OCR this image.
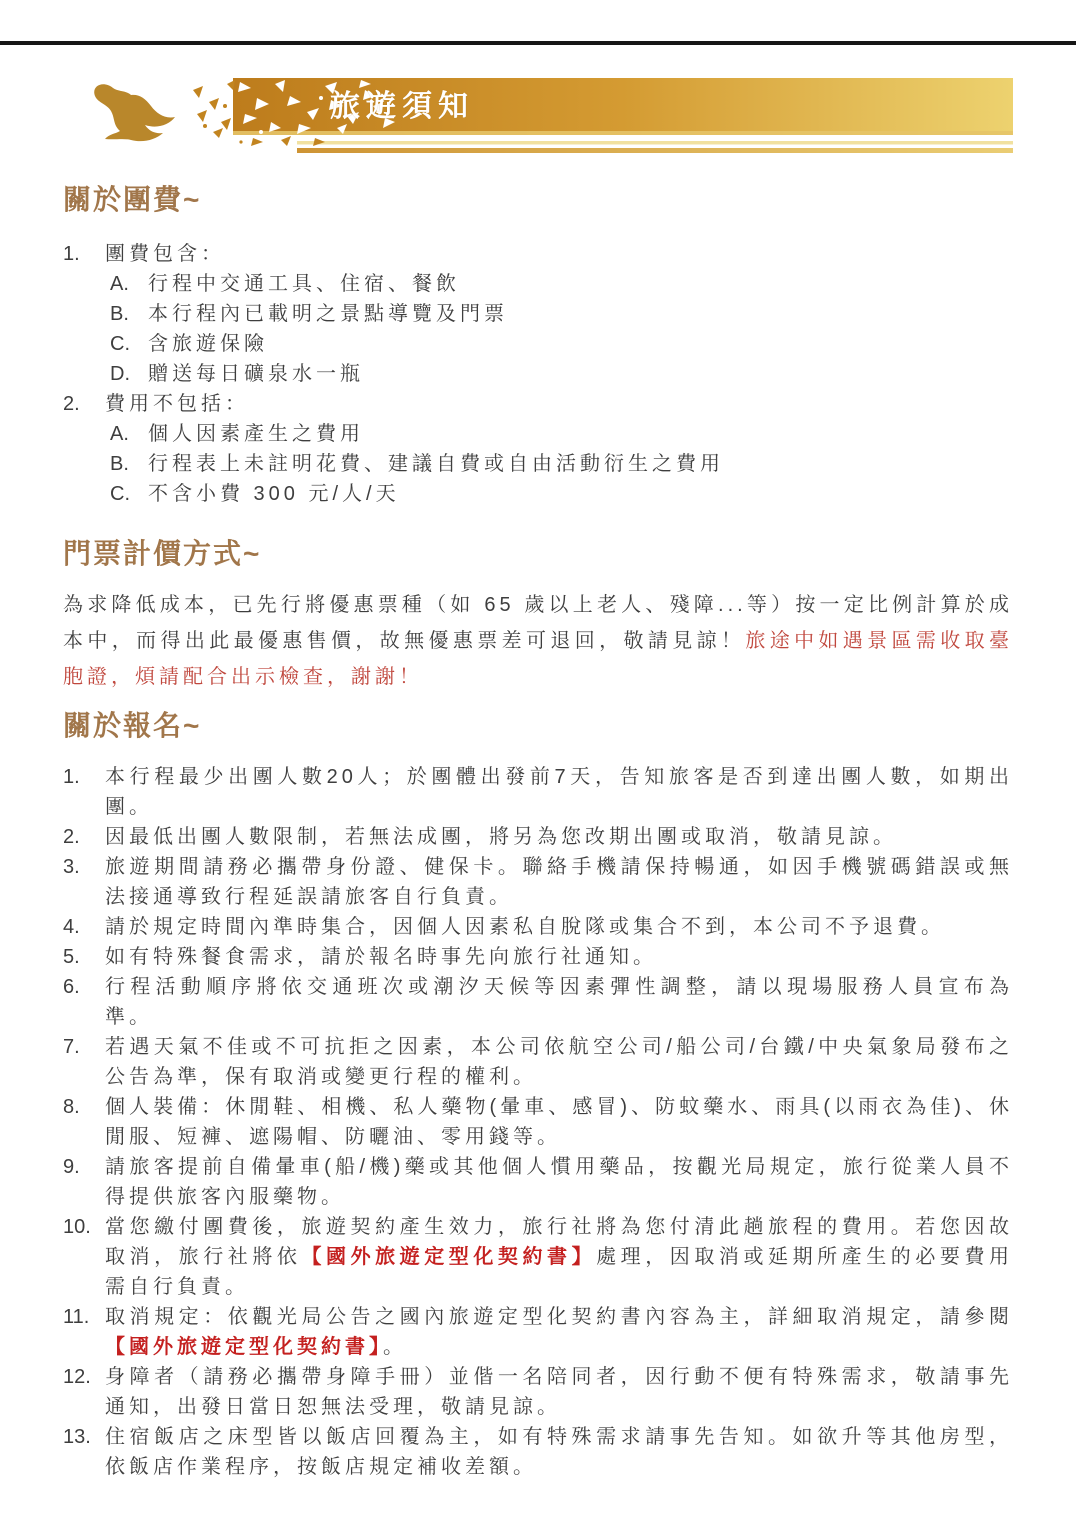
旅遊須知
關於團費~
1.	團費包含：
A. 行程中交通工具、住宿、餐飲
B. 本行程內已載明之景點導覽及門票
C. 含旅遊保險
D. 贈送每日礦泉水一瓶
2.	費用不包括：
A. 個人因素產生之費用
B. 行程表上未註明花費、建議自費或自由活動衍生之費用
C. 不含小費 300 元/人/天
門票計價方式~

為求降低成本，已先行將優惠票種（如 65 歲以上老人、殘障...等）按一定比例計算於成本中，而得出此最優惠售價，故無優惠票差可退回，敬請見諒！旅途中如遇景區需收取臺胞證，煩請配合出示檢查，謝謝！

關於報名~
1.	本行程最少出團人數20人；於團體出發前7天，告知旅客是否到達出團人數，如期出團。
2.	因最低出團人數限制，若無法成團，將另為您改期出團或取消，敬請見諒。
3.	旅遊期間請務必攜帶身份證、健保卡。聯絡手機請保持暢通，如因手機號碼錯誤或無法接通導致行程延誤請旅客自行負責。
4.	請於規定時間內準時集合，因個人因素私自脫隊或集合不到，本公司不予退費。
5.	如有特殊餐食需求，請於報名時事先向旅行社通知。
6.	行程活動順序將依交通班次或潮汐天候等因素彈性調整，請以現場服務人員宣布為準。
7.	若遇天氣不佳或不可抗拒之因素，本公司依航空公司/船公司/台鐵/中央氣象局發布之公告為準，保有取消或變更行程的權利。
8.	個人裝備：休閒鞋、相機、私人藥物(暈車、感冒)、防蚊藥水、雨具(以雨衣為佳)、休閒服、短褲、遮陽帽、防曬油、零用錢等。
9.	請旅客提前自備暈車(船/機)藥或其他個人慣用藥品，按觀光局規定，旅行從業人員不得提供旅客內服藥物。
10. 當您繳付團費後，旅遊契約產生效力，旅行社將為您付清此趟旅程的費用。若您因故取消，旅行社將依【國外旅遊定型化契約書】處理，因取消或延期所產生的必要費用需自行負責。
11. 取消規定：依觀光局公告之國內旅遊定型化契約書內容為主，詳細取消規定，請參閱【國外旅遊定型化契約書】。
12. 身障者（請務必攜帶身障手冊）並偕一名陪同者，因行動不便有特殊需求，敬請事先通知，出發日當日恕無法受理，敬請見諒。
13. 住宿飯店之床型皆以飯店回覆為主，如有特殊需求請事先告知。如欲升等其他房型，依飯店作業程序，按飯店規定補收差額。
